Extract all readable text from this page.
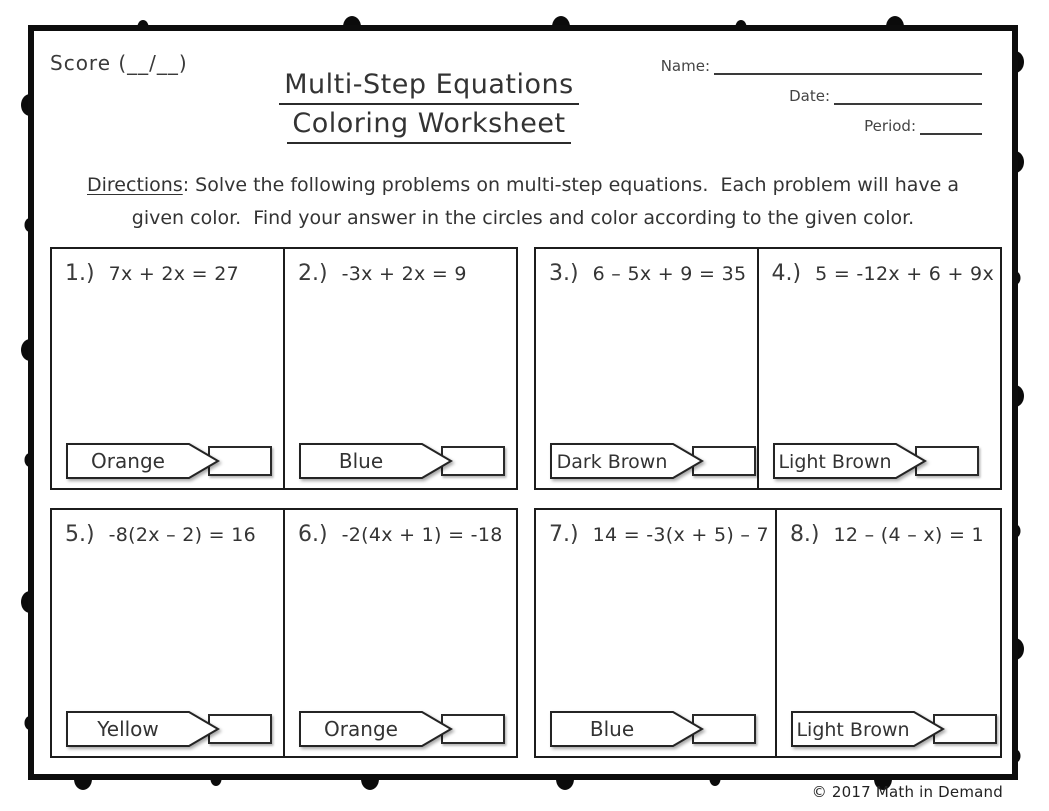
Score (__/__)
Multi-Step Equations
Coloring Worksheet
Name:
Date:
Period:
Directions: Solve the following problems on multi-step equations.  Each problem will have a
given color.  Find your answer in the circles and color according to the given color.
1.) 7x + 2x = 27
Orange
2.) -3x + 2x = 9
Blue
3.) 6 – 5x + 9 = 35
Dark Brown
4.) 5 = -12x + 6 + 9x
Light Brown
5.) -8(2x – 2) = 16
Yellow
6.) -2(4x + 1) = -18
Orange
7.) 14 = -3(x + 5) – 7
Blue
8.) 12 – (4 – x) = 1
Light Brown
© 2017 Math in Demand
